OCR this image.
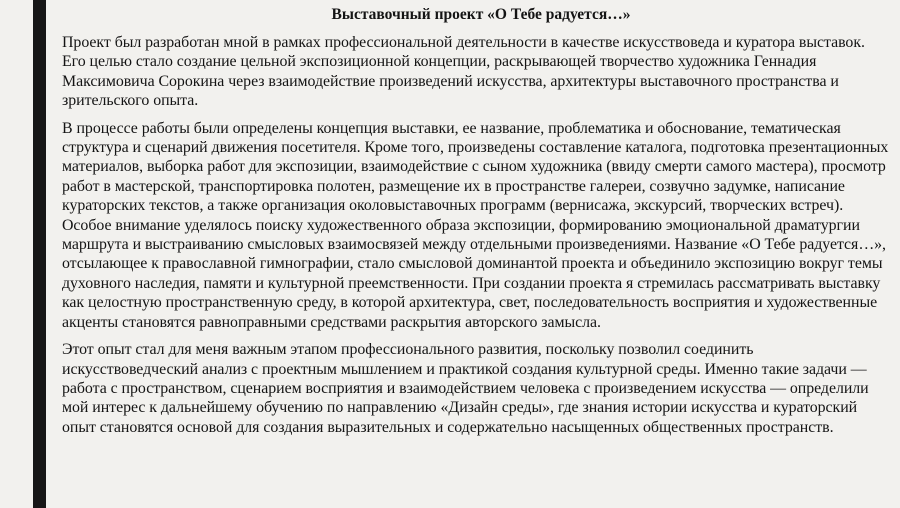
Выставочный проект «О Тебе радуется…»

Проект был разработан мной в рамках профессиональной деятельности в качестве искусствоведа и куратора выставок. Его целью стало создание цельной экспозиционной концепции, раскрывающей творчество художника Геннадия Максимовича Сорокина через взаимодействие произведений искусства, архитектуры выставочного пространства и зрительского опыта.

В процессе работы были определены концепция выставки, ее название, проблематика и обоснование, тематическая структура и сценарий движения посетителя. Кроме того, произведены составление каталога, подготовка презентационных материалов, выборка работ для экспозиции, взаимодействие с сыном художника (ввиду смерти самого мастера), просмотр работ в мастерской, транспортировка полотен, размещение их в пространстве галереи, созвучно задумке, написание кураторских текстов, а также организация околовыставочных программ (вернисажа, экскурсий, творческих встреч). Особое внимание уделялось поиску художественного образа экспозиции, формированию эмоциональной драматургии маршрута и выстраиванию смысловых взаимосвязей между отдельными произведениями. Название «О Тебе радуется…», отсылающее к православной гимнографии, стало смысловой доминантой проекта и объединило экспозицию вокруг темы духовного наследия, памяти и культурной преемственности. При создании проекта я стремилась рассматривать выставку как целостную пространственную среду, в которой архитектура, свет, последовательность восприятия и художественные акценты становятся равноправными средствами раскрытия авторского замысла.

Этот опыт стал для меня важным этапом профессионального развития, поскольку позволил соединить искусствоведческий анализ с проектным мышлением и практикой создания культурной среды. Именно такие задачи — работа с пространством, сценарием восприятия и взаимодействием человека с произведением искусства — определили мой интерес к дальнейшему обучению по направлению «Дизайн среды», где знания истории искусства и кураторский опыт становятся основой для создания выразительных и содержательно насыщенных общественных пространств.
